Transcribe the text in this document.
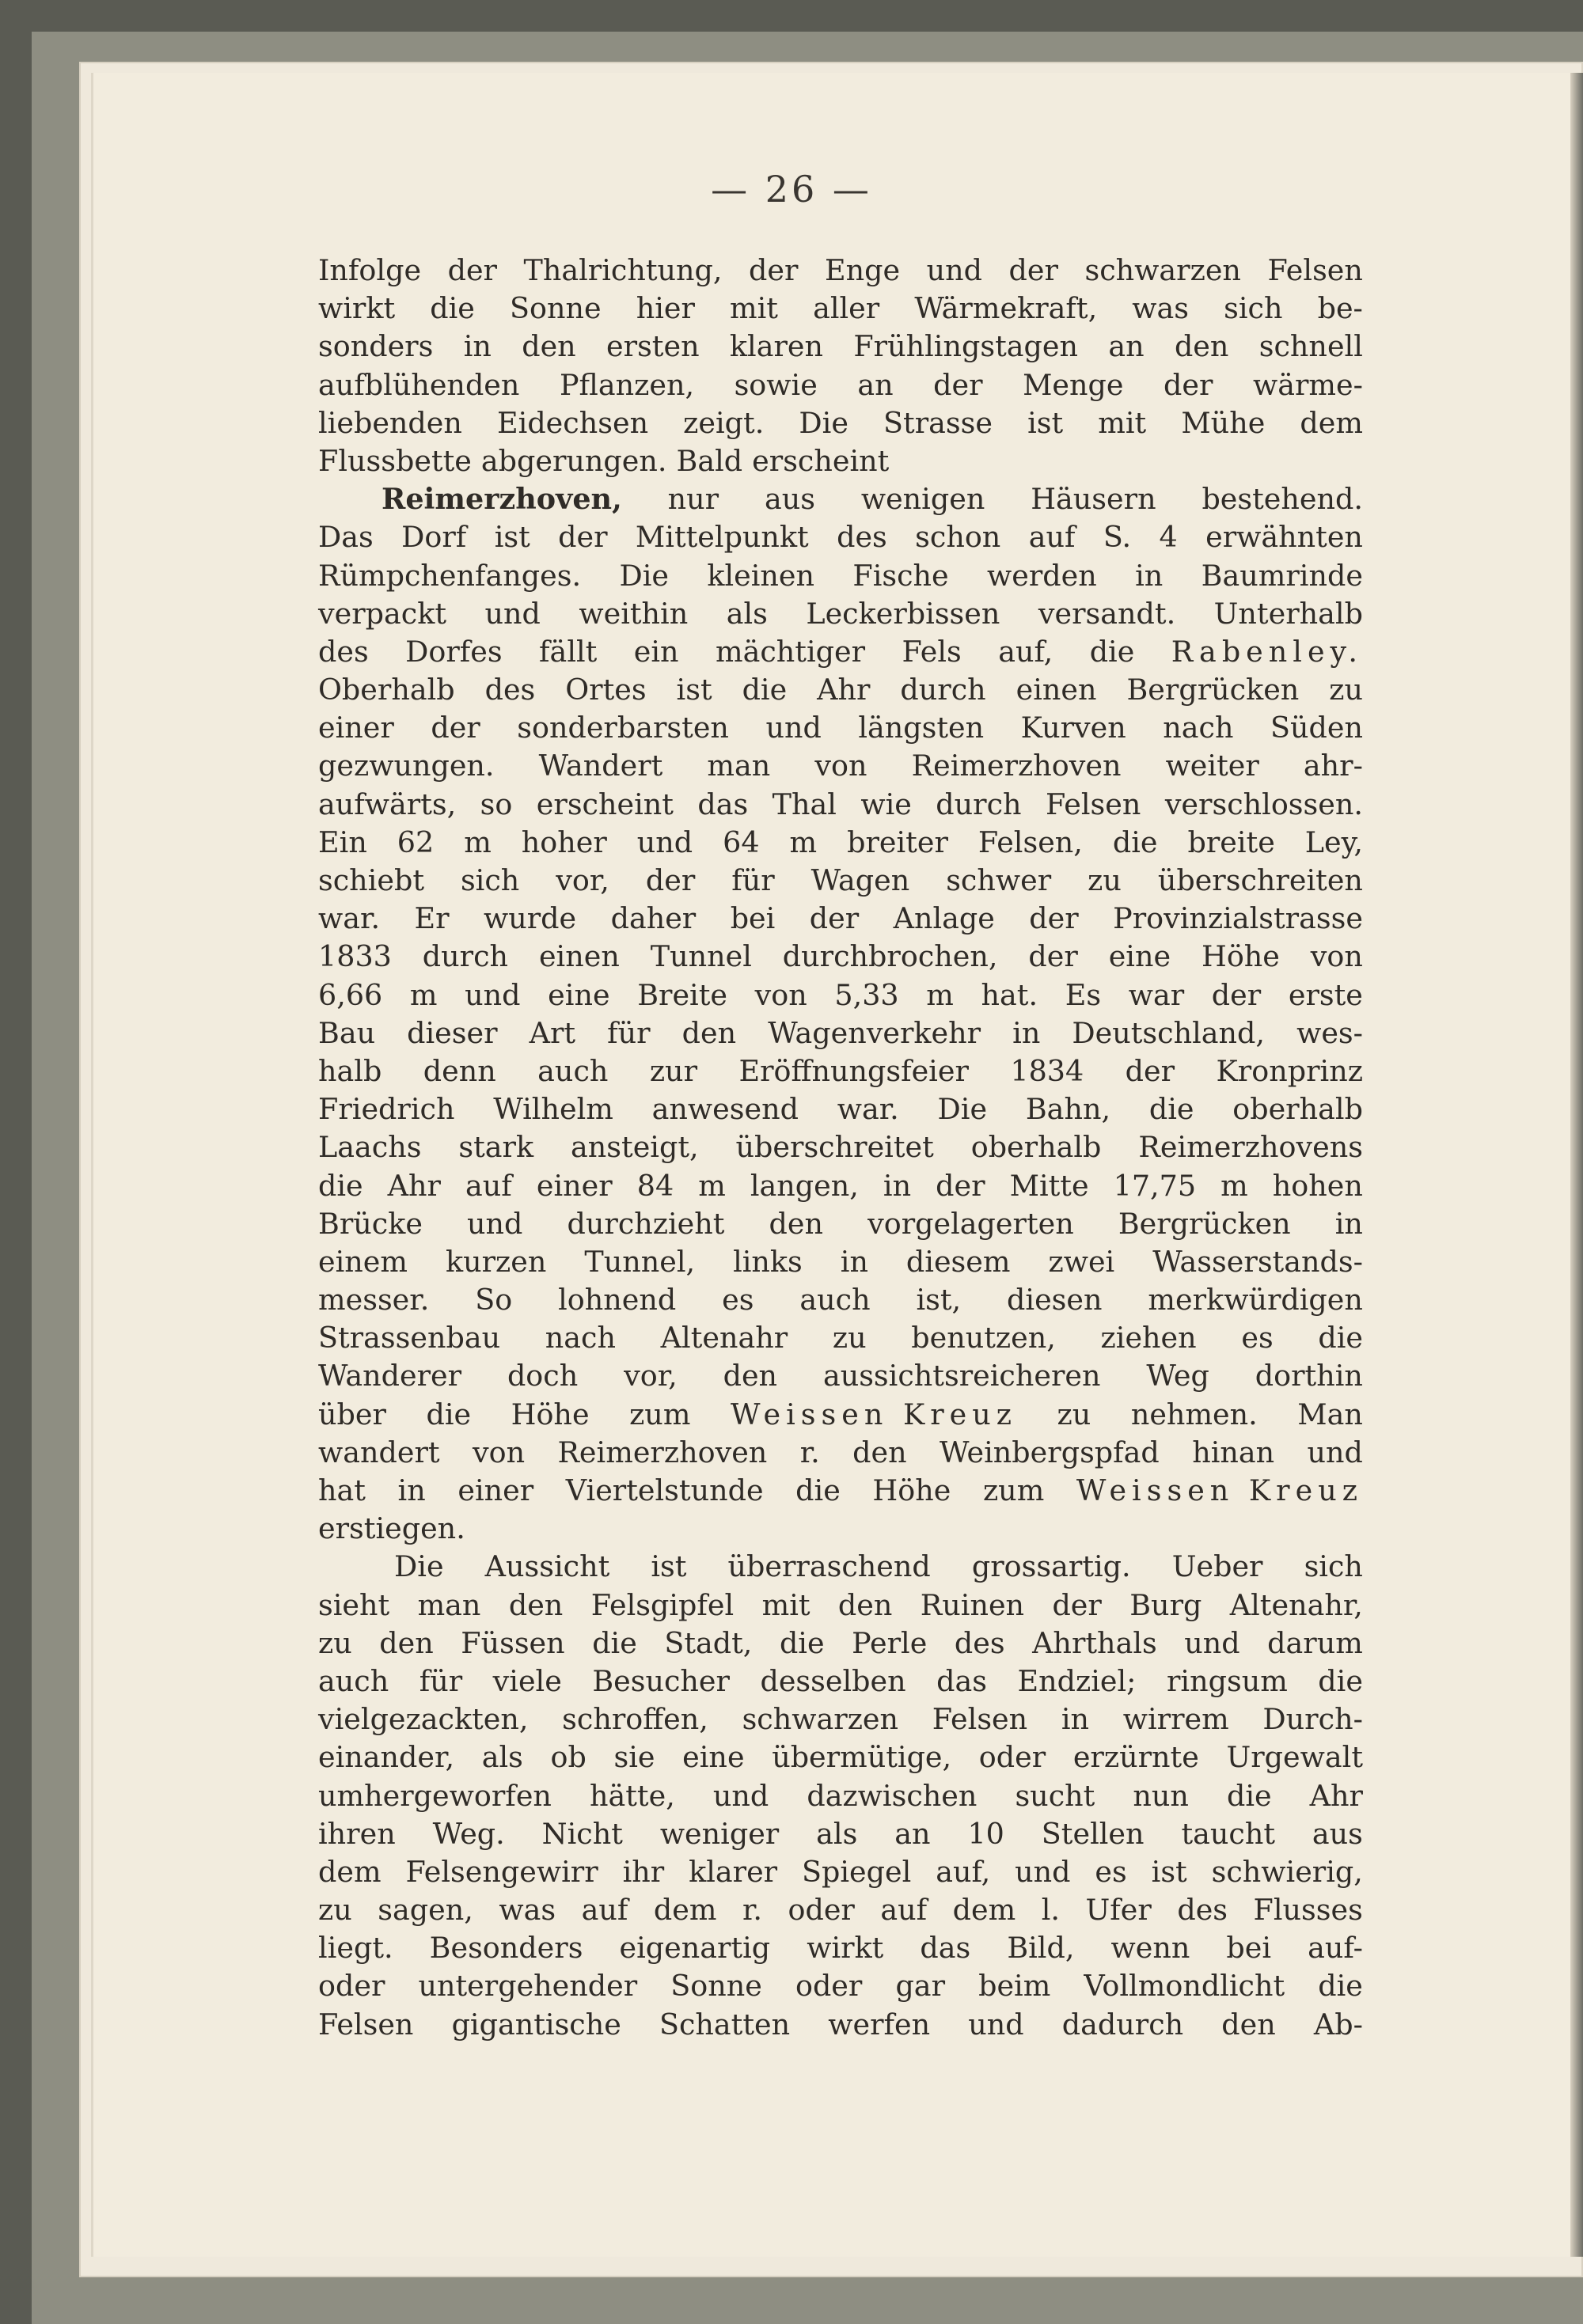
— 26 —
Infolge der Thalrichtung, der Enge und der schwarzen Felsen
wirkt die Sonne hier mit aller Wärmekraft, was sich be-
sonders in den ersten klaren Frühlingstagen an den schnell
aufblühenden Pflanzen, sowie an der Menge der wärme-
liebenden Eidechsen zeigt. Die Strasse ist mit Mühe dem
Flussbette abgerungen. Bald erscheint
Reimerzhoven, nur aus wenigen Häusern bestehend.
Das Dorf ist der Mittelpunkt des schon auf S. 4 erwähnten
Rümpchenfanges. Die kleinen Fische werden in Baumrinde
verpackt und weithin als Leckerbissen versandt. Unterhalb
des Dorfes fällt ein mächtiger Fels auf, die Rabenley.
Oberhalb des Ortes ist die Ahr durch einen Bergrücken zu
einer der sonderbarsten und längsten Kurven nach Süden
gezwungen. Wandert man von Reimerzhoven weiter ahr-
aufwärts, so erscheint das Thal wie durch Felsen verschlossen.
Ein 62 m hoher und 64 m breiter Felsen, die breite Ley,
schiebt sich vor, der für Wagen schwer zu überschreiten
war. Er wurde daher bei der Anlage der Provinzialstrasse
1833 durch einen Tunnel durchbrochen, der eine Höhe von
6,66 m und eine Breite von 5,33 m hat. Es war der erste
Bau dieser Art für den Wagenverkehr in Deutschland, wes-
halb denn auch zur Eröffnungsfeier 1834 der Kronprinz
Friedrich Wilhelm anwesend war. Die Bahn, die oberhalb
Laachs stark ansteigt, überschreitet oberhalb Reimerzhovens
die Ahr auf einer 84 m langen, in der Mitte 17,75 m hohen
Brücke und durchzieht den vorgelagerten Bergrücken in
einem kurzen Tunnel, links in diesem zwei Wasserstands-
messer. So lohnend es auch ist, diesen merkwürdigen
Strassenbau nach Altenahr zu benutzen, ziehen es die
Wanderer doch vor, den aussichtsreicheren Weg dorthin
über die Höhe zum Weissen Kreuz zu nehmen. Man
wandert von Reimerzhoven r. den Weinbergspfad hinan und
hat in einer Viertelstunde die Höhe zum Weissen Kreuz
erstiegen.
Die Aussicht ist überraschend grossartig. Ueber sich
sieht man den Felsgipfel mit den Ruinen der Burg Altenahr,
zu den Füssen die Stadt, die Perle des Ahrthals und darum
auch für viele Besucher desselben das Endziel; ringsum die
vielgezackten, schroffen, schwarzen Felsen in wirrem Durch-
einander, als ob sie eine übermütige, oder erzürnte Urgewalt
umhergeworfen hätte, und dazwischen sucht nun die Ahr
ihren Weg. Nicht weniger als an 10 Stellen taucht aus
dem Felsengewirr ihr klarer Spiegel auf, und es ist schwierig,
zu sagen, was auf dem r. oder auf dem l. Ufer des Flusses
liegt. Besonders eigenartig wirkt das Bild, wenn bei auf-
oder untergehender Sonne oder gar beim Vollmondlicht die
Felsen gigantische Schatten werfen und dadurch den Ab-
